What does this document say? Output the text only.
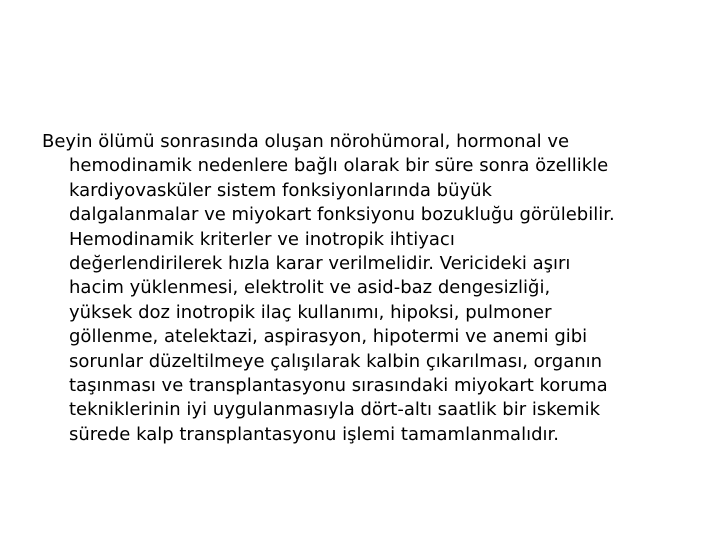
Beyin ölümü sonrasında oluşan nörohümoral, hormonal ve
hemodinamik nedenlere bağlı olarak bir süre sonra özellikle
kardiyovasküler sistem fonksiyonlarında büyük
dalgalanmalar ve miyokart fonksiyonu bozukluğu görülebilir.
Hemodinamik kriterler ve inotropik ihtiyacı
değerlendirilerek hızla karar verilmelidir. Vericideki aşırı
hacim yüklenmesi, elektrolit ve asid-baz dengesizliği,
yüksek doz inotropik ilaç kullanımı, hipoksi, pulmoner
göllenme, atelektazi, aspirasyon, hipotermi ve anemi gibi
sorunlar düzeltilmeye çalışılarak kalbin çıkarılması, organın
taşınması ve transplantasyonu sırasındaki miyokart koruma
tekniklerinin iyi uygulanmasıyla dört-altı saatlik bir iskemik
sürede kalp transplantasyonu işlemi tamamlanmalıdır.
